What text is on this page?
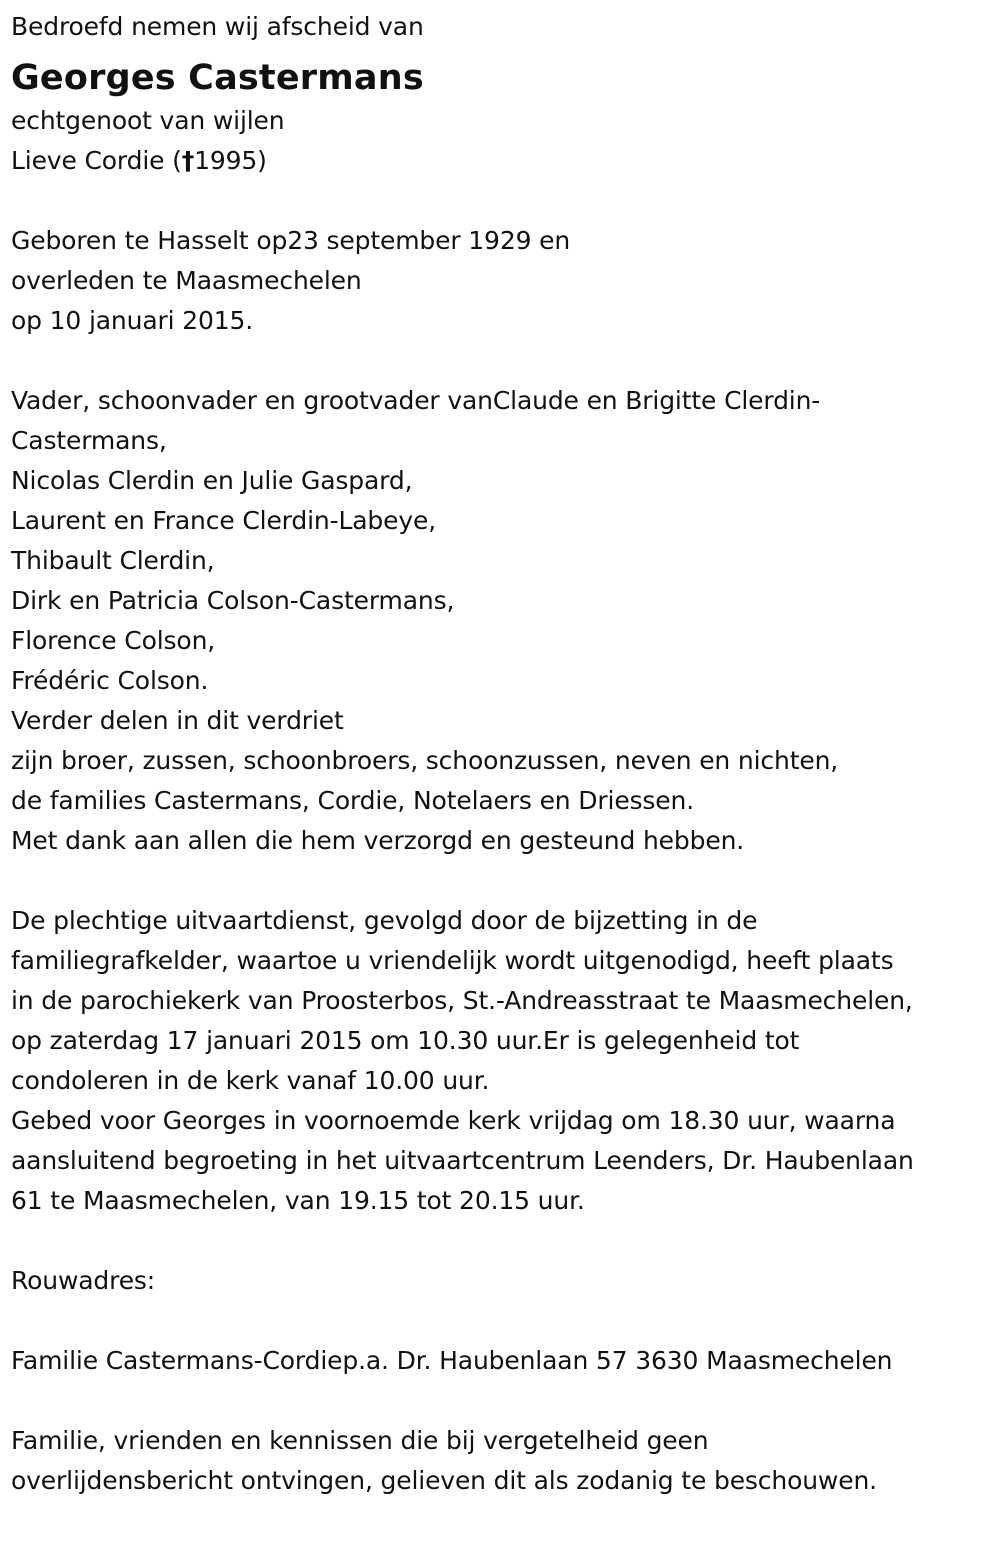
Bedroefd nemen wij afscheid van
Georges Castermans
echtgenoot van wijlen
Lieve Cordie (†1995)
Geboren te Hasselt op23 september 1929 en
overleden te Maasmechelen
op 10 januari 2015.
Vader, schoonvader en grootvader vanClaude en Brigitte Clerdin-
Castermans,
Nicolas Clerdin en Julie Gaspard,
Laurent en France Clerdin-Labeye,
Thibault Clerdin,
Dirk en Patricia Colson-Castermans,
Florence Colson,
Frédéric Colson.
Verder delen in dit verdriet
zijn broer, zussen, schoonbroers, schoonzussen, neven en nichten,
de families Castermans, Cordie, Notelaers en Driessen.
Met dank aan allen die hem verzorgd en gesteund hebben.
De plechtige uitvaartdienst, gevolgd door de bijzetting in de
familiegrafkelder, waartoe u vriendelijk wordt uitgenodigd, heeft plaats
in de parochiekerk van Proosterbos, St.-Andreasstraat te Maasmechelen,
op zaterdag 17 januari 2015 om 10.30 uur.Er is gelegenheid tot
condoleren in de kerk vanaf 10.00 uur.
Gebed voor Georges in voornoemde kerk vrijdag om 18.30 uur, waarna
aansluitend begroeting in het uitvaartcentrum Leenders, Dr. Haubenlaan
61 te Maasmechelen, van 19.15 tot 20.15 uur.
Rouwadres:
Familie Castermans-Cordiep.a. Dr. Haubenlaan 57 3630 Maasmechelen
Familie, vrienden en kennissen die bij vergetelheid geen
overlijdensbericht ontvingen, gelieven dit als zodanig te beschouwen.
